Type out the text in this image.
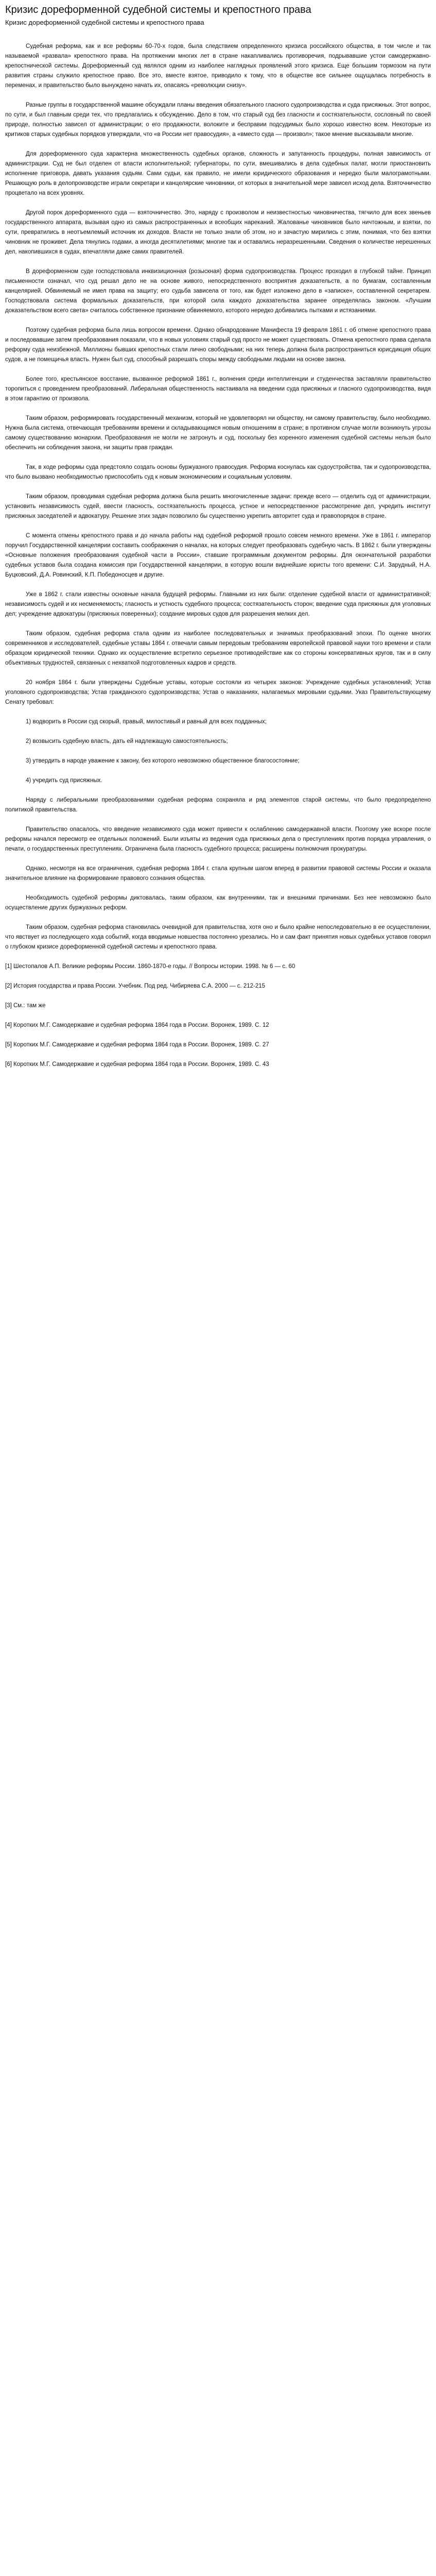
Кризис дореформенной судебной системы и крепостного права
Кризис дореформенной судебной системы и крепостного права

Судебная реформа, как и все реформы 60-70-х годов, была следствием определенного кризиса российского общества, в том числе и так называемой «развала» крепостного права. На протяжении многих лет в стране накапливались противоречия, подрывавшие устои самодержавно-крепостнической системы. Дореформенный суд являлся одним из наиболее наглядных проявлений этого кризиса. Еще большим тормозом на пути развития страны служило крепостное право. Все это, вместе взятое, приводило к тому, что в обществе все сильнее ощущалась потребность в переменах, и правительство было вынуждено начать их, опасаясь «революции снизу».

Разные группы в государственной машине обсуждали планы введения обязательного гласного судопроизводства и суда присяжных. Этот вопрос, по сути, и был главным среди тех, что предлагались к обсуждению. Дело в том, что старый суд без гласности и состязательности, сословный по своей природе, полностью зависел от администрации; о его продажности, волоките и бесправии подсудимых было хорошо известно всем. Некоторые из критиков старых судебных порядков утверждали, что «в России нет правосудия», а «вместо суда — произвол»; такое мнение высказывали многие.

Для дореформенного суда характерна множественность судебных органов, сложность и запутанность процедуры, полная зависимость от администрации. Суд не был отделен от власти исполнительной; губернаторы, по сути, вмешивались в дела судебных палат, могли приостановить исполнение приговора, давать указания судьям. Сами судьи, как правило, не имели юридического образования и нередко были малограмотными. Решающую роль в делопроизводстве играли секретари и канцелярские чиновники, от которых в значительной мере зависел исход дела. Взяточничество процветало на всех уровнях.

Другой порок дореформенного суда — взяточничество. Это, наряду с произволом и неизвестностью чиновничества, тягчило для всех звеньев государственного аппарата, вызывая одно из самых распространенных и всеобщих нареканий. Жалованье чиновников было ничтожным, и взятки, по сути, превратились в неотъемлемый источник их доходов. Власти не только знали об этом, но и зачастую мирились с этим, понимая, что без взятки чиновник не проживет. Дела тянулись годами, а иногда десятилетиями; многие так и оставались неразрешенными. Сведения о количестве нерешенных дел, накопившихся в судах, впечатляли даже самих правителей.

В дореформенном суде господствовала инквизиционная (розыскная) форма судопроизводства. Процесс проходил в глубокой тайне. Принцип письменности означал, что суд решал дело не на основе живого, непосредственного восприятия доказательств, а по бумагам, составленным канцелярией. Обвиняемый не имел права на защиту; его судьба зависела от того, как будет изложено дело в «записке», составленной секретарем. Господствовала система формальных доказательств, при которой сила каждого доказательства заранее определялась законом. «Лучшим доказательством всего света» считалось собственное признание обвиняемого, которого нередко добивались пытками и истязаниями.

Поэтому судебная реформа была лишь вопросом времени. Однако обнародование Манифеста 19 февраля 1861 г. об отмене крепостного права и последовавшие затем преобразования показали, что в новых условиях старый суд просто не может существовать. Отмена крепостного права сделала реформу суда неизбежной. Миллионы бывших крепостных стали лично свободными; на них теперь должна была распространиться юрисдикция общих судов, а не помещичья власть. Нужен был суд, способный разрешать споры между свободными людьми на основе закона.

Более того, крестьянское восстание, вызванное реформой 1861 г., волнения среди интеллигенции и студенчества заставляли правительство торопиться с проведением преобразований. Либеральная общественность настаивала на введении суда присяжных и гласного судопроизводства, видя в этом гарантию от произвола.

Таким образом, реформировать государственный механизм, который не удовлетворял ни обществу, ни самому правительству, было необходимо. Нужна была система, отвечающая требованиям времени и складывающимся новым отношениям в стране; в противном случае могли возникнуть угрозы самому существованию монархии. Преобразования не могли не затронуть и суд, поскольку без коренного изменения судебной системы нельзя было обеспечить ни соблюдения закона, ни защиты прав граждан.

Так, в ходе реформы суда предстояло создать основы буржуазного правосудия. Реформа коснулась как судоустройства, так и судопроизводства, что было вызвано необходимостью приспособить суд к новым экономическим и социальным условиям.

Таким образом, проводимая судебная реформа должна была решить многочисленные задачи: прежде всего — отделить суд от администрации, установить независимость судей, ввести гласность, состязательность процесса, устное и непосредственное рассмотрение дел, учредить институт присяжных заседателей и адвокатуру. Решение этих задач позволило бы существенно укрепить авторитет суда и правопорядок в стране.

С момента отмены крепостного права и до начала работы над судебной реформой прошло совсем немного времени. Уже в 1861 г. император поручил Государственной канцелярии составить соображения о началах, на которых следует преобразовать судебную часть. В 1862 г. были утверждены «Основные положения преобразования судебной части в России», ставшие программным документом реформы. Для окончательной разработки судебных уставов была создана комиссия при Государственной канцелярии, в которую вошли виднейшие юристы того времени: С.И. Зарудный, Н.А. Буцковский, Д.А. Ровинский, К.П. Победоносцев и другие.

Уже в 1862 г. стали известны основные начала будущей реформы. Главными из них были: отделение судебной власти от административной; независимость судей и их несменяемость; гласность и устность судебного процесса; состязательность сторон; введение суда присяжных для уголовных дел; учреждение адвокатуры (присяжных поверенных); создание мировых судов для разрешения мелких дел.

Таким образом, судебная реформа стала одним из наиболее последовательных и значимых преобразований эпохи. По оценке многих современников и исследователей, судебные уставы 1864 г. отвечали самым передовым требованиям европейской правовой науки того времени и стали образцом юридической техники. Однако их осуществление встретило серьезное противодействие как со стороны консервативных кругов, так и в силу объективных трудностей, связанных с нехваткой подготовленных кадров и средств.

20 ноября 1864 г. были утверждены Судебные уставы, которые состояли из четырех законов: Учреждение судебных установлений; Устав уголовного судопроизводства; Устав гражданского судопроизводства; Устав о наказаниях, налагаемых мировыми судьями. Указ Правительствующему Сенату требовал:

1) водворить в России суд скорый, правый, милостивый и равный для всех подданных;

2) возвысить судебную власть, дать ей надлежащую самостоятельность;

3) утвердить в народе уважение к закону, без которого невозможно общественное благосостояние;

4) учредить суд присяжных.

Наряду с либеральными преобразованиями судебная реформа сохраняла и ряд элементов старой системы, что было предопределено политикой правительства.

Правительство опасалось, что введение независимого суда может привести к ослаблению самодержавной власти. Поэтому уже вскоре после реформы начался пересмотр ее отдельных положений. Были изъяты из ведения суда присяжных дела о преступлениях против порядка управления, о печати, о государственных преступлениях. Ограничена была гласность судебного процесса; расширены полномочия прокуратуры.

Однако, несмотря на все ограничения, судебная реформа 1864 г. стала крупным шагом вперед в развитии правовой системы России и оказала значительное влияние на формирование правового сознания общества.

Необходимость судебной реформы диктовалась, таким образом, как внутренними, так и внешними причинами. Без нее невозможно было осуществление других буржуазных реформ.

Таким образом, судебная реформа становилась очевидной для правительства, хотя оно и было крайне непоследовательно в ее осуществлении, что явствует из последующего хода событий, когда вводимые новшества постоянно урезались. Но и сам факт принятия новых судебных уставов говорил о глубоком кризисе дореформенной судебной системы и крепостного права.

[1] Шестопалов А.П. Великие реформы России. 1860-1870-е годы. // Вопросы истории. 1998. № 6 — с. 60

[2] История государства и права России. Учебник. Под ред. Чибиряева С.А. 2000 — с. 212-215

[3] См.: там же

[4] Коротких М.Г. Самодержавие и судебная реформа 1864 года в России. Воронеж, 1989. С. 12

[5] Коротких М.Г. Самодержавие и судебная реформа 1864 года в России. Воронеж, 1989. С. 27

[6] Коротких М.Г. Самодержавие и судебная реформа 1864 года в России. Воронеж, 1989. С. 43
